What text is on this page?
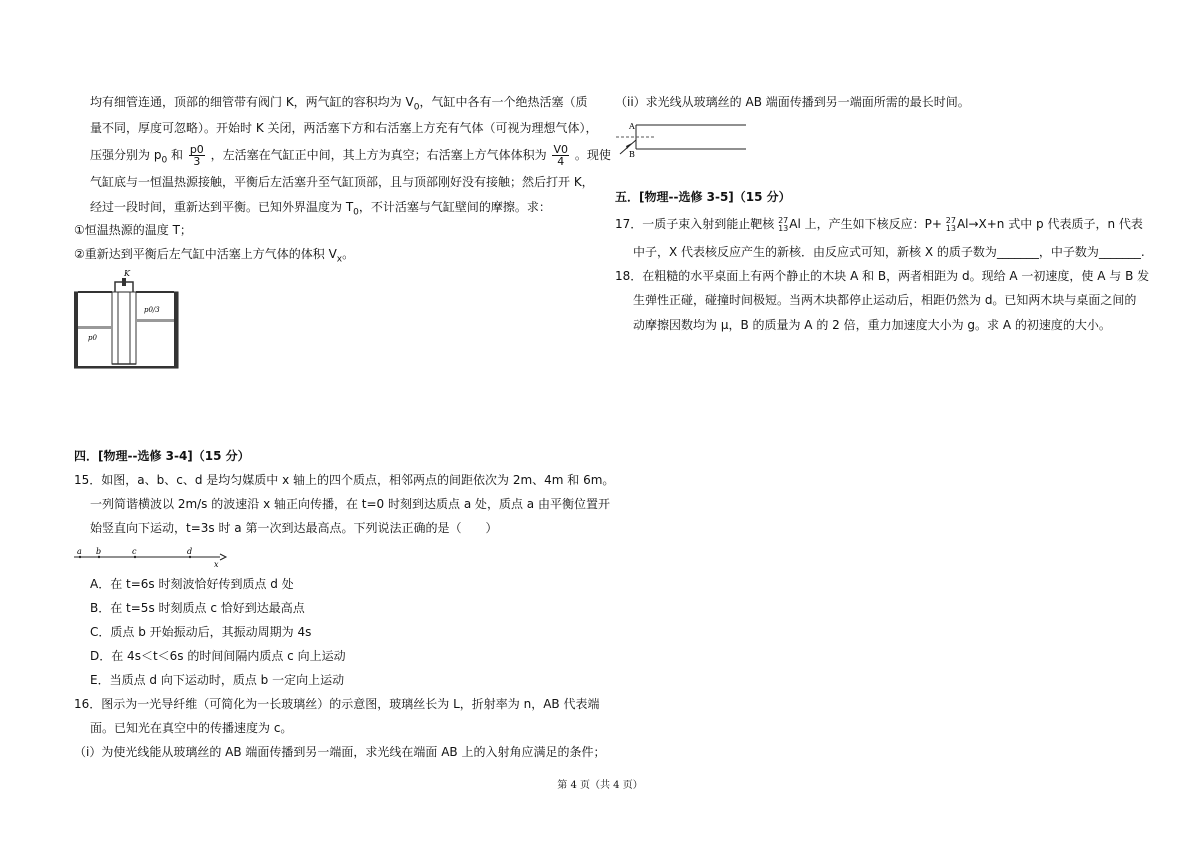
均有细管连通，顶部的细管带有阀门 K，两气缸的容积均为 $V_0$，气缸中各有一个绝热活塞（质
量不同，厚度可忽略）。开始时 K 关闭，两活塞下方和右活塞上方充有气体（可视为理想气体），
压强分别为 $p_0$ 和 $\frac{p0}{3}$ ，左活塞在气缸正中间，其上方为真空；右活塞上方气体体积为 $\frac{V0}{4}$ 。现使
气缸底与一恒温热源接触，平衡后左活塞升至气缸顶部，且与顶部刚好没有接触；然后打开 K，
经过一段时间，重新达到平衡。已知外界温度为 $T_0$，不计活塞与气缸壁间的摩擦。求：
①恒温热源的温度 T；
②重新达到平衡后左气缸中活塞上方气体的体积 $V_x$。
K
p0
p0/3
四．[物理--选修 3-4]（15 分）
15．如图，a、b、c、d 是均匀媒质中 x 轴上的四个质点，相邻两点的间距依次为 2m、4m 和 6m。
一列简谐横波以 2m/s 的波速沿 x 轴正向传播，在 t=0 时刻到达质点 a 处，质点 a 由平衡位置开
始竖直向下运动，t=3s 时 a 第一次到达最高点。下列说法正确的是（　　）
a b	c	d
x
A．在 t=6s 时刻波恰好传到质点 d 处
B．在 t=5s 时刻质点 c 恰好到达最高点
C．质点 b 开始振动后，其振动周期为 4s
D．在 4s＜t＜6s 的时间间隔内质点 c 向上运动
E．当质点 d 向下运动时，质点 b 一定向上运动
16．图示为一光导纤维（可简化为一长玻璃丝）的示意图，玻璃丝长为 L，折射率为 n，AB 代表端
面。已知光在真空中的传播速度为 c。
（i）为使光线能从玻璃丝的 AB 端面传播到另一端面，求光线在端面 AB 上的入射角应满足的条件；
（ii）求光线从玻璃丝的 AB 端面传播到另一端面所需的最长时间。
A
B
五．[物理--选修 3-5]（15 分）
17．一质子束入射到能止靶核 27
13 Al 上，产生如下核反应：P+ 27
13 Al→X+n 式中 p 代表质子，n 代表
中子，X 代表核反应产生的新核．由反应式可知，新核 X 的质子数为_______，中子数为_______.
18．在粗糙的水平桌面上有两个静止的木块 A 和 B，两者相距为 d。现给 A 一初速度，使 A 与 B 发
生弹性正碰，碰撞时间极短。当两木块都停止运动后，相距仍然为 d。已知两木块与桌面之间的
动摩擦因数均为 μ，B 的质量为 A 的 2 倍，重力加速度大小为 g。求 A 的初速度的大小。
第 4 页（共 4 页）
